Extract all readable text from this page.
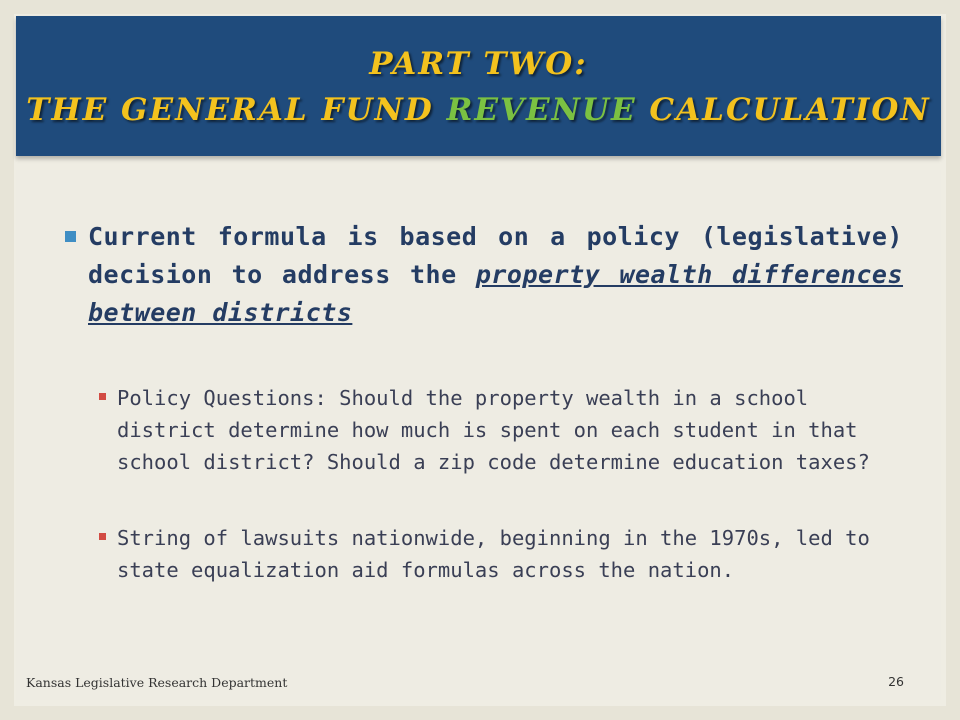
PART TWO:
THE GENERAL FUND REVENUE CALCULATION
Current formula is based on a policy (legislative) decision to address the property wealth differences between districts
Policy Questions: Should the property wealth in a school district determine how much is spent on each student in that school district? Should a zip code determine education taxes?
String of lawsuits nationwide, beginning in the 1970s, led to state equalization aid formulas across the nation.
Kansas Legislative Research Department	26
